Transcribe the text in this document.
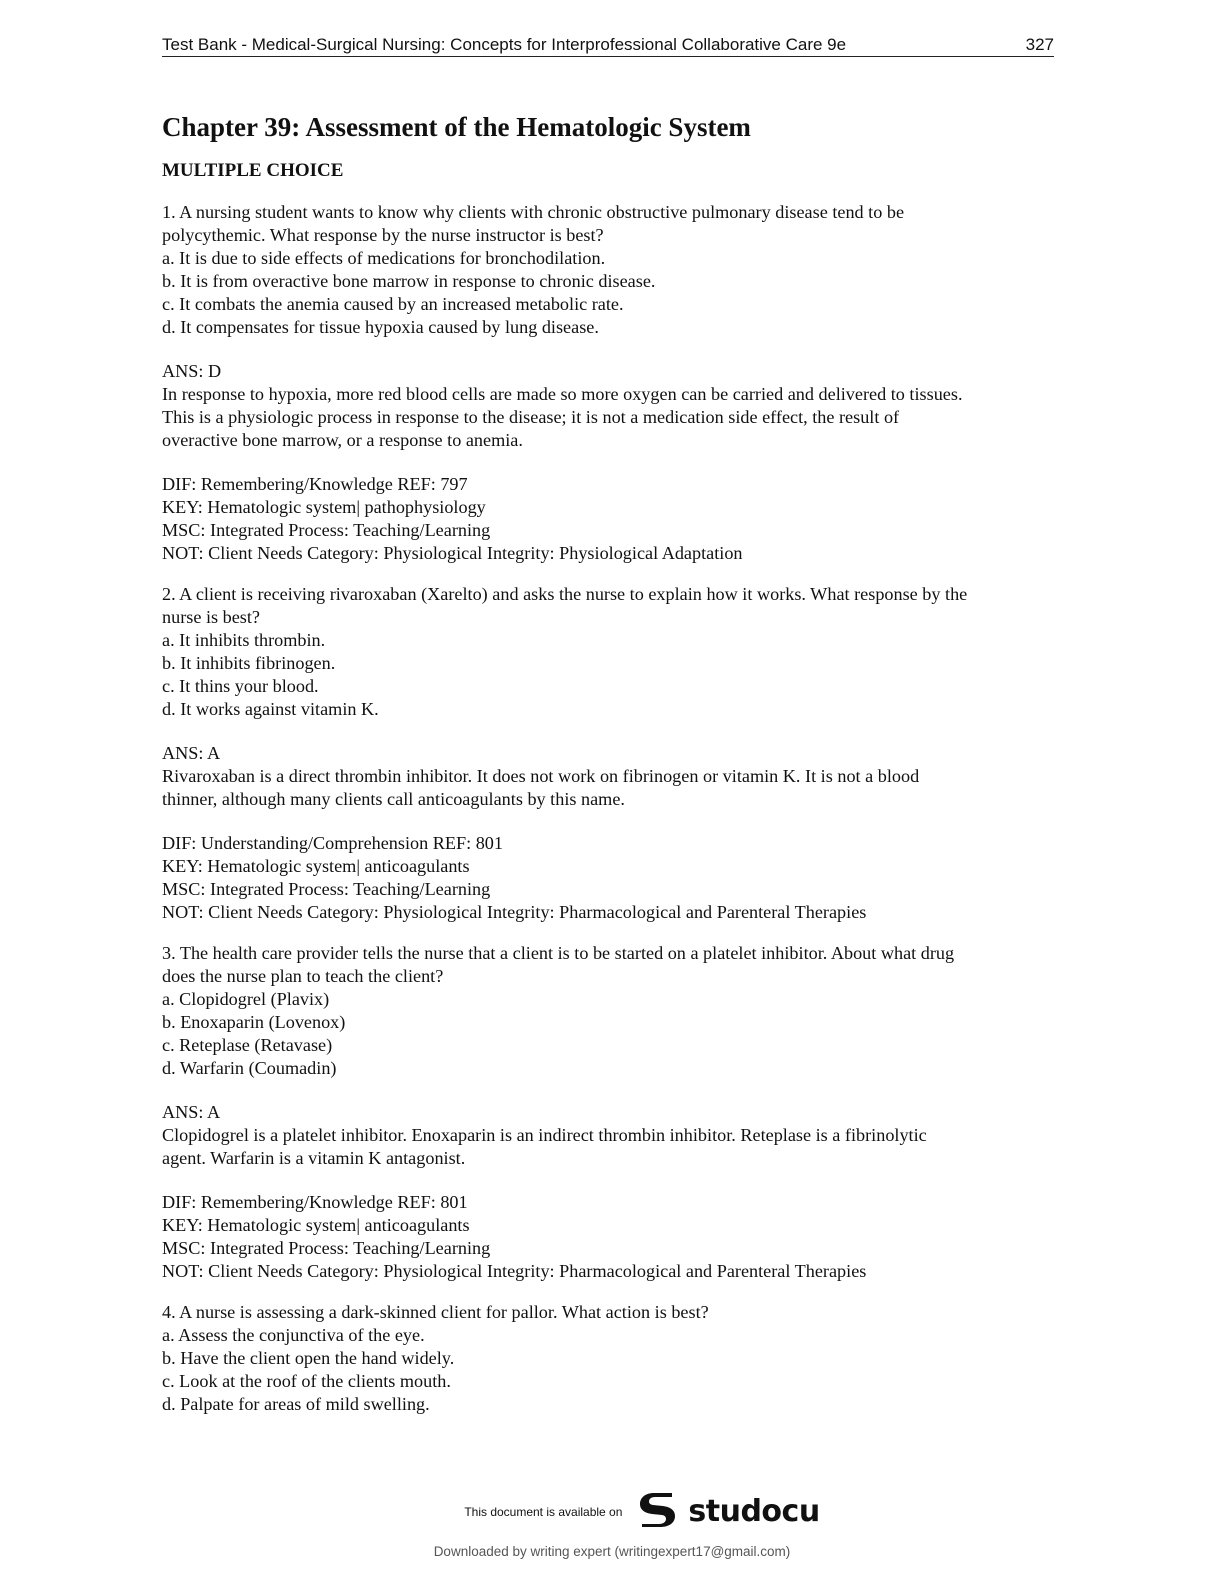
Test Bank - Medical-Surgical Nursing: Concepts for Interprofessional Collaborative Care 9e	327
Chapter 39: Assessment of the Hematologic System
MULTIPLE CHOICE
1. A nursing student wants to know why clients with chronic obstructive pulmonary disease tend to be
polycythemic. What response by the nurse instructor is best?
a. It is due to side effects of medications for bronchodilation.
b. It is from overactive bone marrow in response to chronic disease.
c. It combats the anemia caused by an increased metabolic rate.
d. It compensates for tissue hypoxia caused by lung disease.
ANS: D
In response to hypoxia, more red blood cells are made so more oxygen can be carried and delivered to tissues.
This is a physiologic process in response to the disease; it is not a medication side effect, the result of
overactive bone marrow, or a response to anemia.
DIF: Remembering/Knowledge REF: 797
KEY: Hematologic system| pathophysiology
MSC: Integrated Process: Teaching/Learning
NOT: Client Needs Category: Physiological Integrity: Physiological Adaptation
2. A client is receiving rivaroxaban (Xarelto) and asks the nurse to explain how it works. What response by the
nurse is best?
a. It inhibits thrombin.
b. It inhibits fibrinogen.
c. It thins your blood.
d. It works against vitamin K.
ANS: A
Rivaroxaban is a direct thrombin inhibitor. It does not work on fibrinogen or vitamin K. It is not a blood
thinner, although many clients call anticoagulants by this name.
DIF: Understanding/Comprehension REF: 801
KEY: Hematologic system| anticoagulants
MSC: Integrated Process: Teaching/Learning
NOT: Client Needs Category: Physiological Integrity: Pharmacological and Parenteral Therapies
3. The health care provider tells the nurse that a client is to be started on a platelet inhibitor. About what drug
does the nurse plan to teach the client?
a. Clopidogrel (Plavix)
b. Enoxaparin (Lovenox)
c. Reteplase (Retavase)
d. Warfarin (Coumadin)
ANS: A
Clopidogrel is a platelet inhibitor. Enoxaparin is an indirect thrombin inhibitor. Reteplase is a fibrinolytic
agent. Warfarin is a vitamin K antagonist.
DIF: Remembering/Knowledge REF: 801
KEY: Hematologic system| anticoagulants
MSC: Integrated Process: Teaching/Learning
NOT: Client Needs Category: Physiological Integrity: Pharmacological and Parenteral Therapies
4. A nurse is assessing a dark-skinned client for pallor. What action is best?
a. Assess the conjunctiva of the eye.
b. Have the client open the hand widely.
c. Look at the roof of the clients mouth.
d. Palpate for areas of mild swelling.
This document is available on studocu
Downloaded by writing expert (writingexpert17@gmail.com)
